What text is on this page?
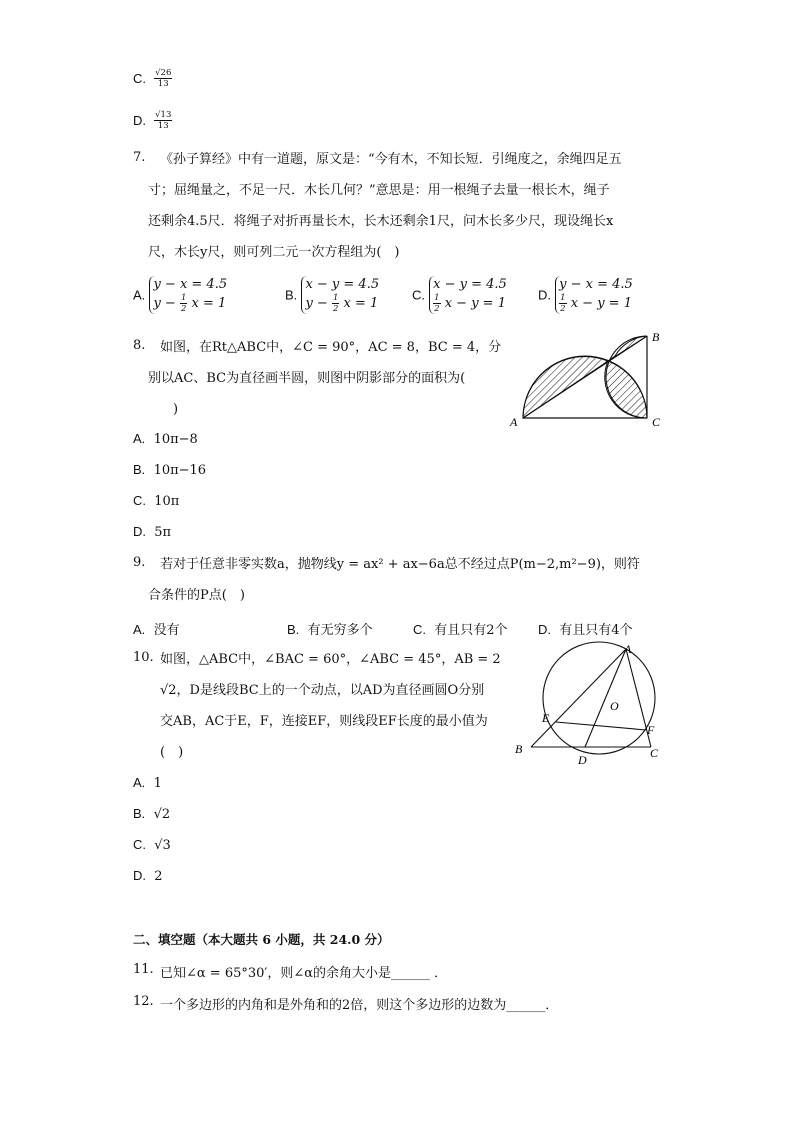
C. $\frac{√26}{13}$
D. $\frac{√13}{13}$
7. 《孙子算经》中有一道题，原文是：“今有木，不知长短．引绳度之，余绳四足五
寸；屈绳量之，不足一尺．木长几何？”意思是：用一根绳子去量一根长木，绳子
还剩余4.5尺．将绳子对折再量长木，长木还剩余1尺，问木长多少尺，现设绳长x
尺，木长y尺，则可列二元一次方程组为(　)
A. y − x = 4.5
$y - \frac{1}{2}$ x = 1
B. x − y = 4.5
$y - \frac{1}{2}$ x = 1
C. x − y = 4.5

$\frac{1}{2}$ x − y = 1
D. y − x = 4.5

$\frac{1}{2}$ x − y = 1
8. 如图，在Rt△ABC中，∠C = 90°，AC = 8，BC = 4，分
别以AC、BC为直径画半圆，则图中阴影部分的面积为(
)
A
B
C
A. 10π−8
B. 10π−16
C. 10π
D. 5π
9. 若对于任意非零实数a，抛物线y = ax² + ax−6a总不经过点P(m−2,m²−9)，则符
合条件的P点(　)
A. 没有	B. 有无穷多个	C. 有且只有2个 D. 有且只有4个
10. 如图，△ABC中，∠BAC = 60°，∠ABC = 45°，AB = 2
√2，D是线段BC上的一个动点，以AD为直径画圆O分别
交AB，AC于E，F，连接EF，则线段EF长度的最小值为
(　)
A
B	C
D
E
F
O
A. 1
B. √2
C. √3
D. 2
二、填空题（本大题共 6 小题，共 24.0 分）
11. 已知∠α = 65°30′，则∠α的余角大小是______ ．
12. 一个多边形的内角和是外角和的2倍，则这个多边形的边数为______．
